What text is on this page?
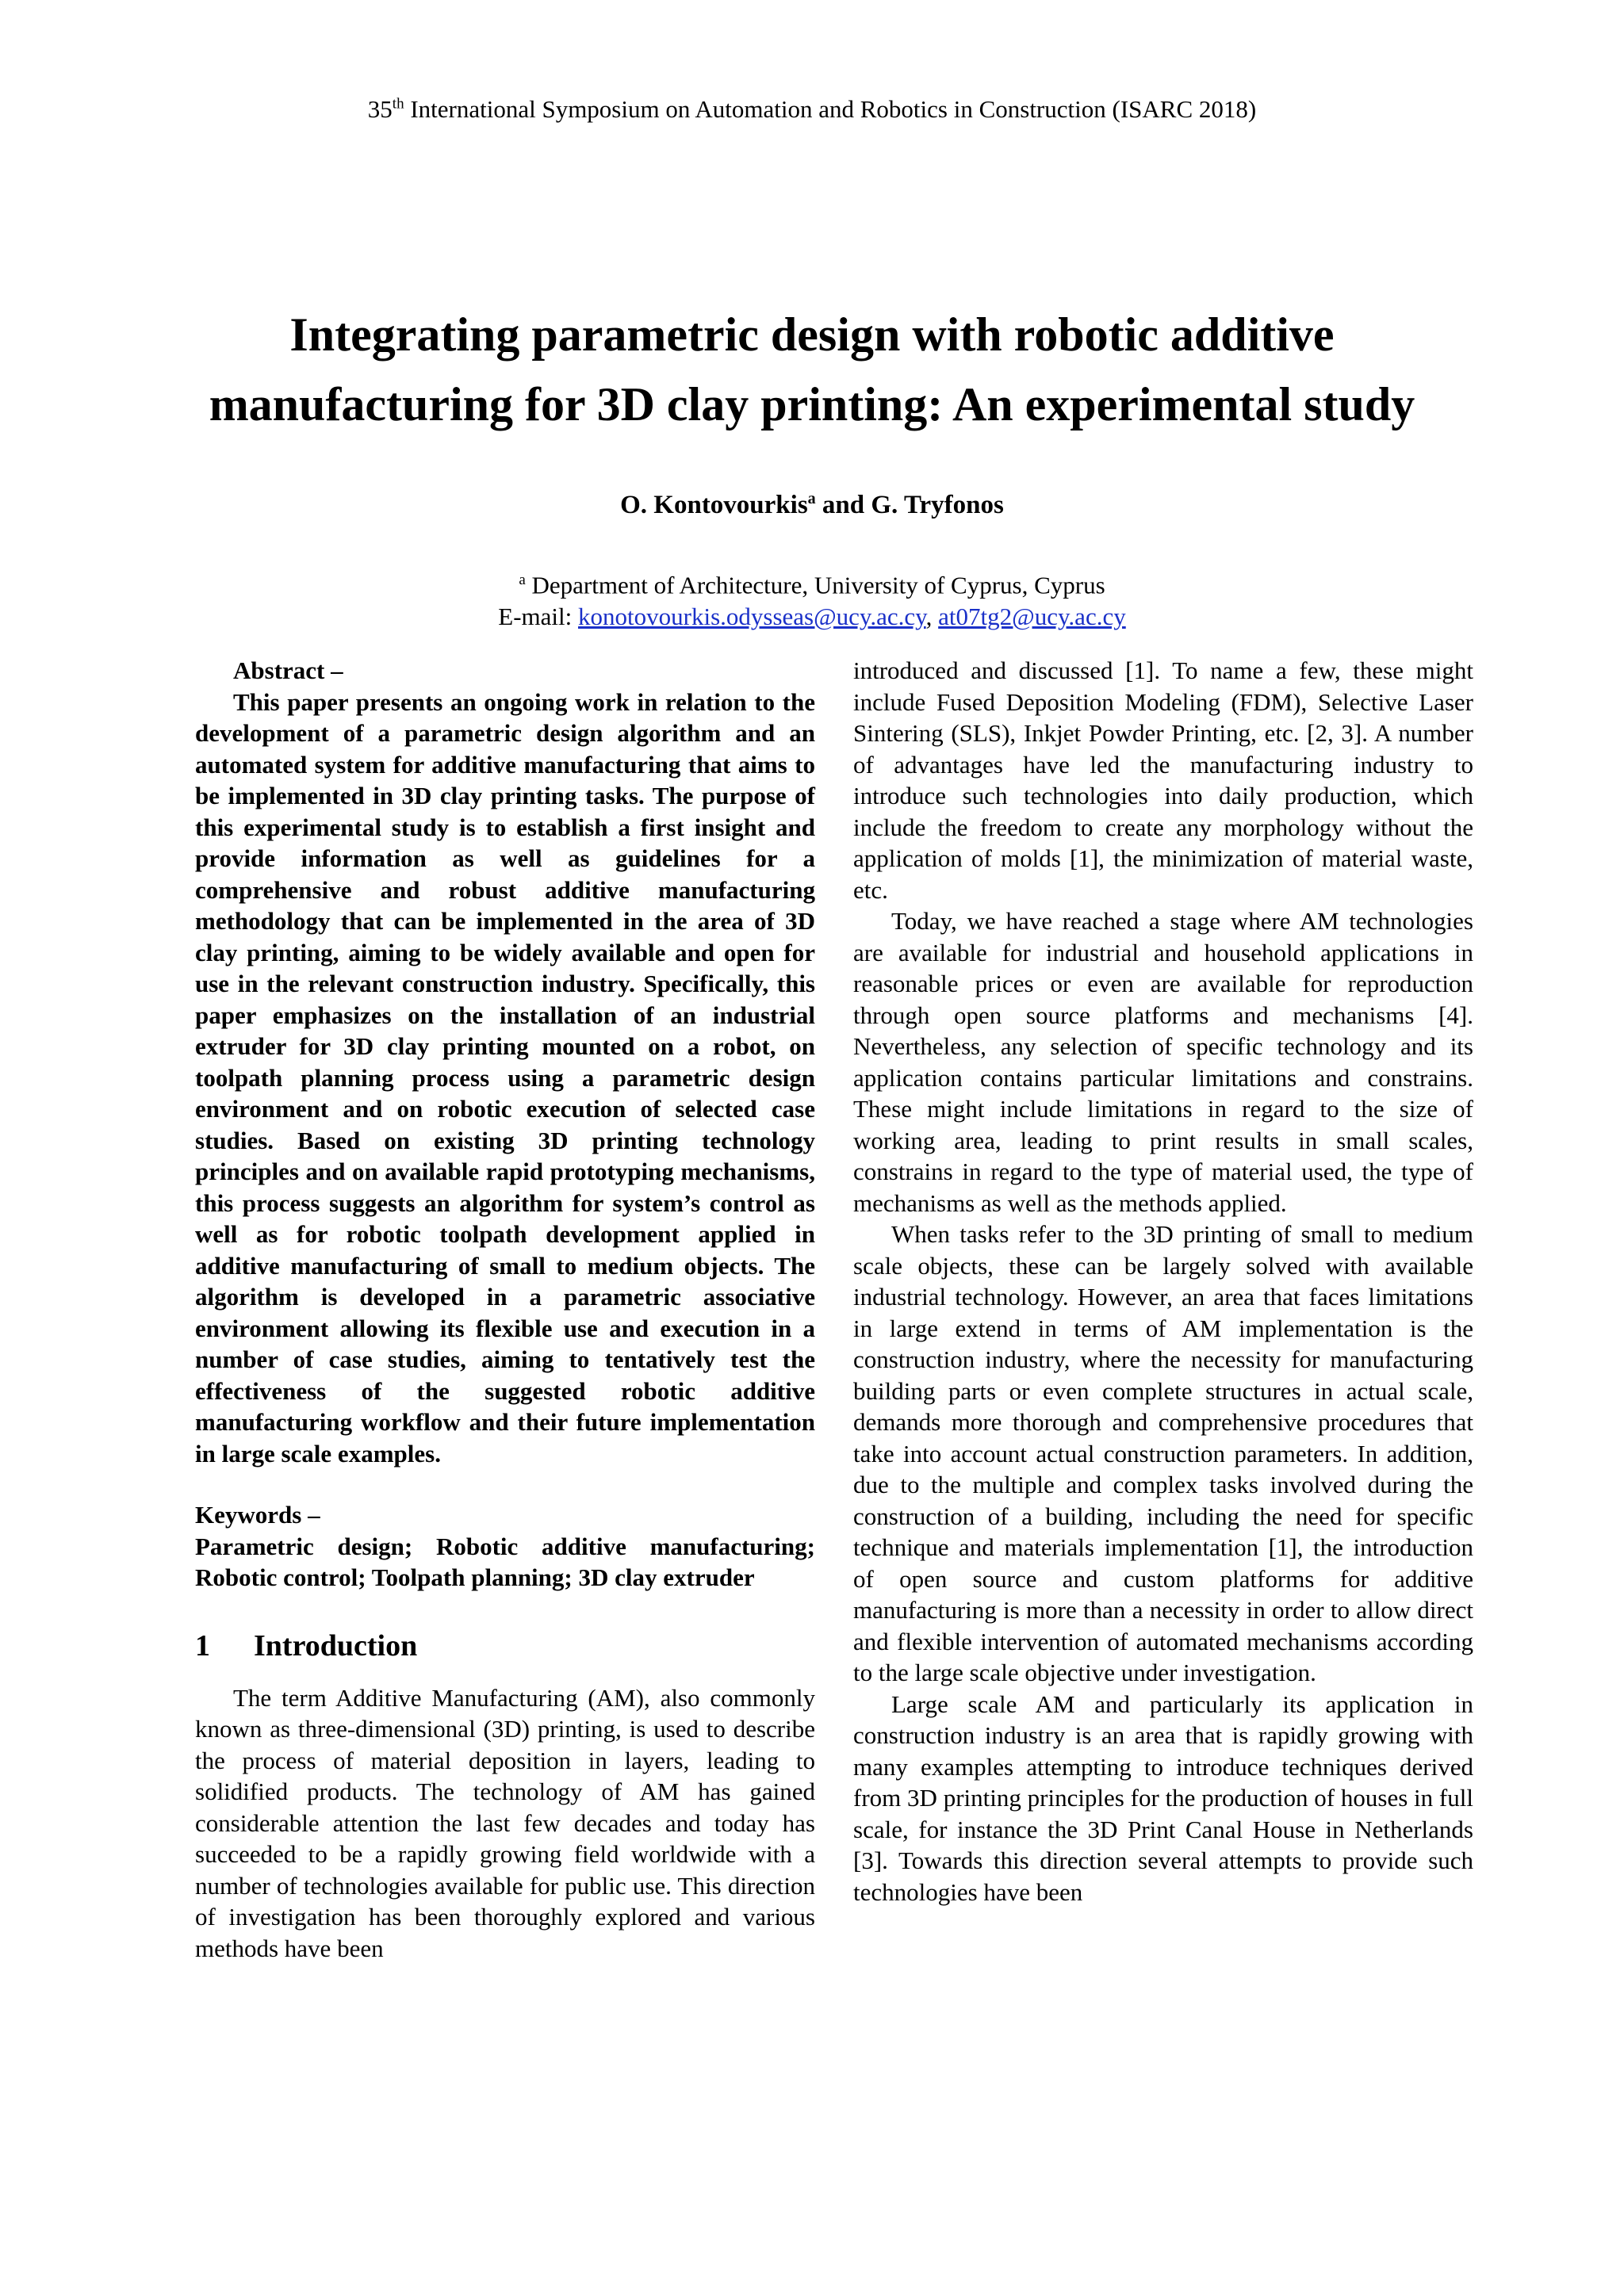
35th International Symposium on Automation and Robotics in Construction (ISARC 2018)
Integrating parametric design with robotic additive
manufacturing for 3D clay printing: An experimental study
O. Kontovourkis$^a$ and G. Tryfonos
$^a$ Department of Architecture, University of Cyprus, Cyprus
E-mail: konotovourkis.odysseas@ucy.ac.cy, at07tg2@ucy.ac.cy

Abstract –

This paper presents an ongoing work in relation to the development of a parametric design algorithm and an automated system for additive manufacturing that aims to be implemented in 3D clay printing tasks. The purpose of this experimental study is to establish a first insight and provide information as well as guidelines for a comprehensive and robust additive manufacturing methodology that can be implemented in the area of 3D clay printing, aiming to be widely available and open for use in the relevant construction industry. Specifically, this paper emphasizes on the installation of an industrial extruder for 3D clay printing mounted on a robot, on toolpath planning process using a parametric design environment and on robotic execution of selected case studies. Based on existing 3D printing technology principles and on available rapid prototyping mechanisms, this process suggests an algorithm for system’s control as well as for robotic toolpath development applied in additive manufacturing of small to medium objects. The algorithm is developed in a parametric associative environment allowing its flexible use and execution in a number of case studies, aiming to tentatively test the effectiveness of the suggested robotic additive manufacturing workflow and their future implementation in large scale examples.

Keywords –

Parametric design; Robotic additive manufacturing; Robotic control; Toolpath planning; 3D clay extruder

1 Introduction

The term Additive Manufacturing (AM), also commonly known as three-dimensional (3D) printing, is used to describe the process of material deposition in layers, leading to solidified products. The technology of AM has gained considerable attention the last few decades and today has succeeded to be a rapidly growing field worldwide with a number of technologies available for public use. This direction of investigation has been thoroughly explored and various methods have been

introduced and discussed [1]. To name a few, these might include Fused Deposition Modeling (FDM), Selective Laser Sintering (SLS), Inkjet Powder Printing, etc. [2, 3]. A number of advantages have led the manufacturing industry to introduce such technologies into daily production, which include the freedom to create any morphology without the application of molds [1], the minimization of material waste, etc.

Today, we have reached a stage where AM technologies are available for industrial and household applications in reasonable prices or even are available for reproduction through open source platforms and mechanisms [4]. Nevertheless, any selection of specific technology and its application contains particular limitations and constrains. These might include limitations in regard to the size of working area, leading to print results in small scales, constrains in regard to the type of material used, the type of mechanisms as well as the methods applied.

When tasks refer to the 3D printing of small to medium scale objects, these can be largely solved with available industrial technology. However, an area that faces limitations in large extend in terms of AM implementation is the construction industry, where the necessity for manufacturing building parts or even complete structures in actual scale, demands more thorough and comprehensive procedures that take into account actual construction parameters. In addition, due to the multiple and complex tasks involved during the construction of a building, including the need for specific technique and materials implementation [1], the introduction of open source and custom platforms for additive manufacturing is more than a necessity in order to allow direct and flexible intervention of automated mechanisms according to the large scale objective under investigation.

Large scale AM and particularly its application in construction industry is an area that is rapidly growing with many examples attempting to introduce techniques derived from 3D printing principles for the production of houses in full scale, for instance the 3D Print Canal House in Netherlands [3]. Towards this direction several attempts to provide such technologies have been
